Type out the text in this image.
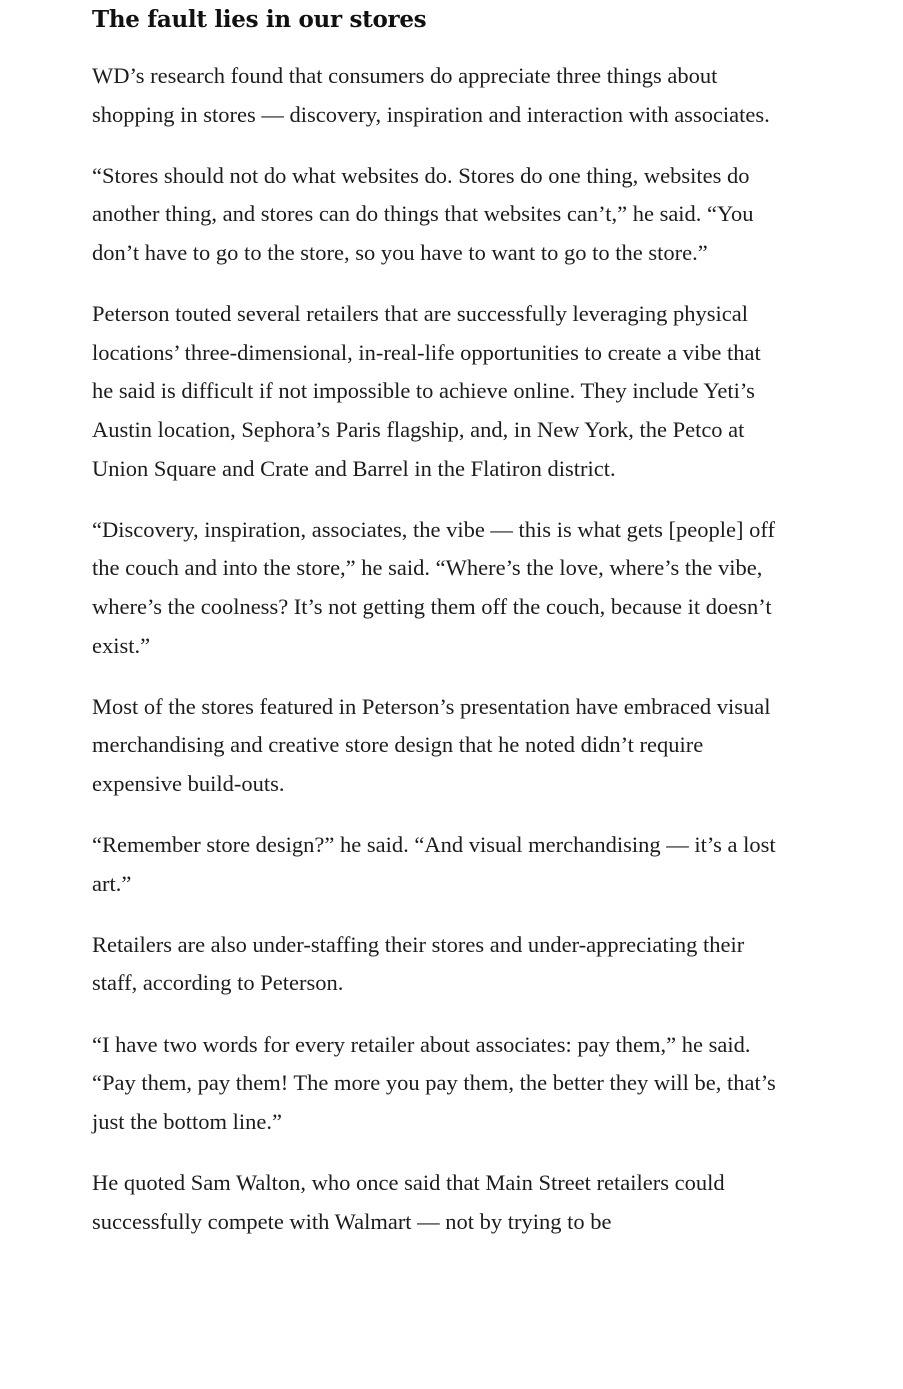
The fault lies in our stores

WD’s research found that consumers do appreciate three things about shopping in stores — discovery, inspiration and interaction with associates.

“Stores should not do what websites do. Stores do one thing, websites do another thing, and stores can do things that websites can’t,” he said. “You don’t have to go to the store, so you have to want to go to the store.”

Peterson touted several retailers that are successfully leveraging physical locations’ three-dimensional, in-real-life opportunities to create a vibe that he said is difficult if not impossible to achieve online. They include Yeti’s Austin location, Sephora’s Paris flagship, and, in New York, the Petco at Union Square and Crate and Barrel in the Flatiron district.

“Discovery, inspiration, associates, the vibe — this is what gets [people] off the couch and into the store,” he said. “Where’s the love, where’s the vibe, where’s the coolness? It’s not getting them off the couch, because it doesn’t exist.”

Most of the stores featured in Peterson’s presentation have embraced visual merchandising and creative store design that he noted didn’t require expensive build-outs.

“Remember store design?” he said. “And visual merchandising — it’s a lost art.”

Retailers are also under-staffing their stores and under-appreciating their staff, according to Peterson.

“I have two words for every retailer about associates: pay them,” he said. “Pay them, pay them! The more you pay them, the better they will be, that’s just the bottom line.”

He quoted Sam Walton, who once said that Main Street retailers could successfully compete with Walmart — not by trying to be
